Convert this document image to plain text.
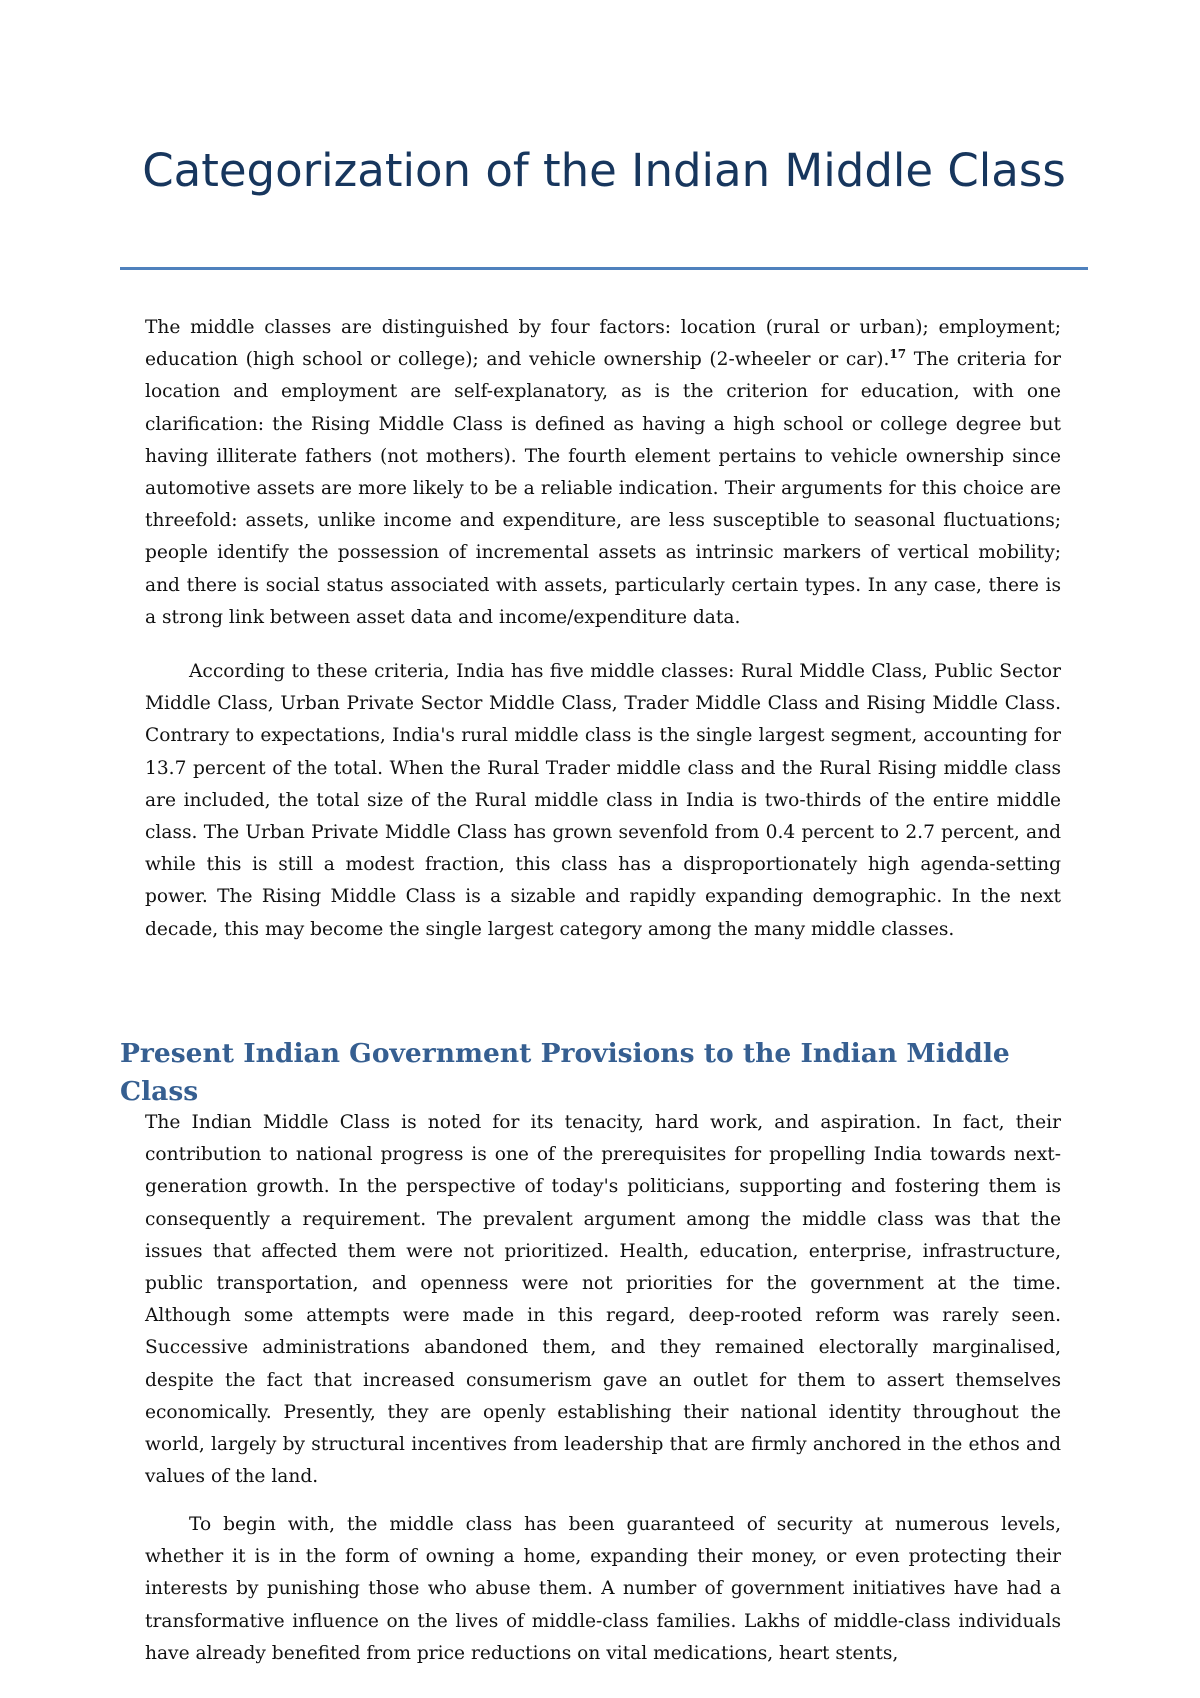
Categorization of the Indian Middle Class

The middle classes are distinguished by four factors: location (rural or urban); employment; education (high school or college); and vehicle ownership (2-wheeler or car).$^{17}$ The criteria for location and employment are self-explanatory, as is the criterion for education, with one clarification: the Rising Middle Class is defined as having a high school or college degree but having illiterate fathers (not mothers). The fourth element pertains to vehicle ownership since automotive assets are more likely to be a reliable indication. Their arguments for this choice are threefold: assets, unlike income and expenditure, are less susceptible to seasonal fluctuations; people identify the possession of incremental assets as intrinsic markers of vertical mobility; and there is social status associated with assets, particularly certain types. In any case, there is a strong link between asset data and income/expenditure data.

According to these criteria, India has five middle classes: Rural Middle Class, Public Sector Middle Class, Urban Private Sector Middle Class, Trader Middle Class and Rising Middle Class. Contrary to expectations, India's rural middle class is the single largest segment, accounting for 13.7 percent of the total. When the Rural Trader middle class and the Rural Rising middle class are included, the total size of the Rural middle class in India is two-thirds of the entire middle class. The Urban Private Middle Class has grown sevenfold from 0.4 percent to 2.7 percent, and while this is still a modest fraction, this class has a disproportionately high agenda-setting power. The Rising Middle Class is a sizable and rapidly expanding demographic. In the next decade, this may become the single largest category among the many middle classes.

Present Indian Government Provisions to the Indian Middle Class

The Indian Middle Class is noted for its tenacity, hard work, and aspiration. In fact, their contribution to national progress is one of the prerequisites for propelling India towards next-generation growth. In the perspective of today's politicians, supporting and fostering them is consequently a requirement. The prevalent argument among the middle class was that the issues that affected them were not prioritized. Health, education, enterprise, infrastructure, public transportation, and openness were not priorities for the government at the time. Although some attempts were made in this regard, deep-rooted reform was rarely seen. Successive administrations abandoned them, and they remained electorally marginalised, despite the fact that increased consumerism gave an outlet for them to assert themselves economically. Presently, they are openly establishing their national identity throughout the world, largely by structural incentives from leadership that are firmly anchored in the ethos and values of the land.

To begin with, the middle class has been guaranteed of security at numerous levels, whether it is in the form of owning a home, expanding their money, or even protecting their interests by punishing those who abuse them. A number of government initiatives have had a transformative influence on the lives of middle-class families. Lakhs of middle-class individuals have already benefited from price reductions on vital medications, heart stents,
